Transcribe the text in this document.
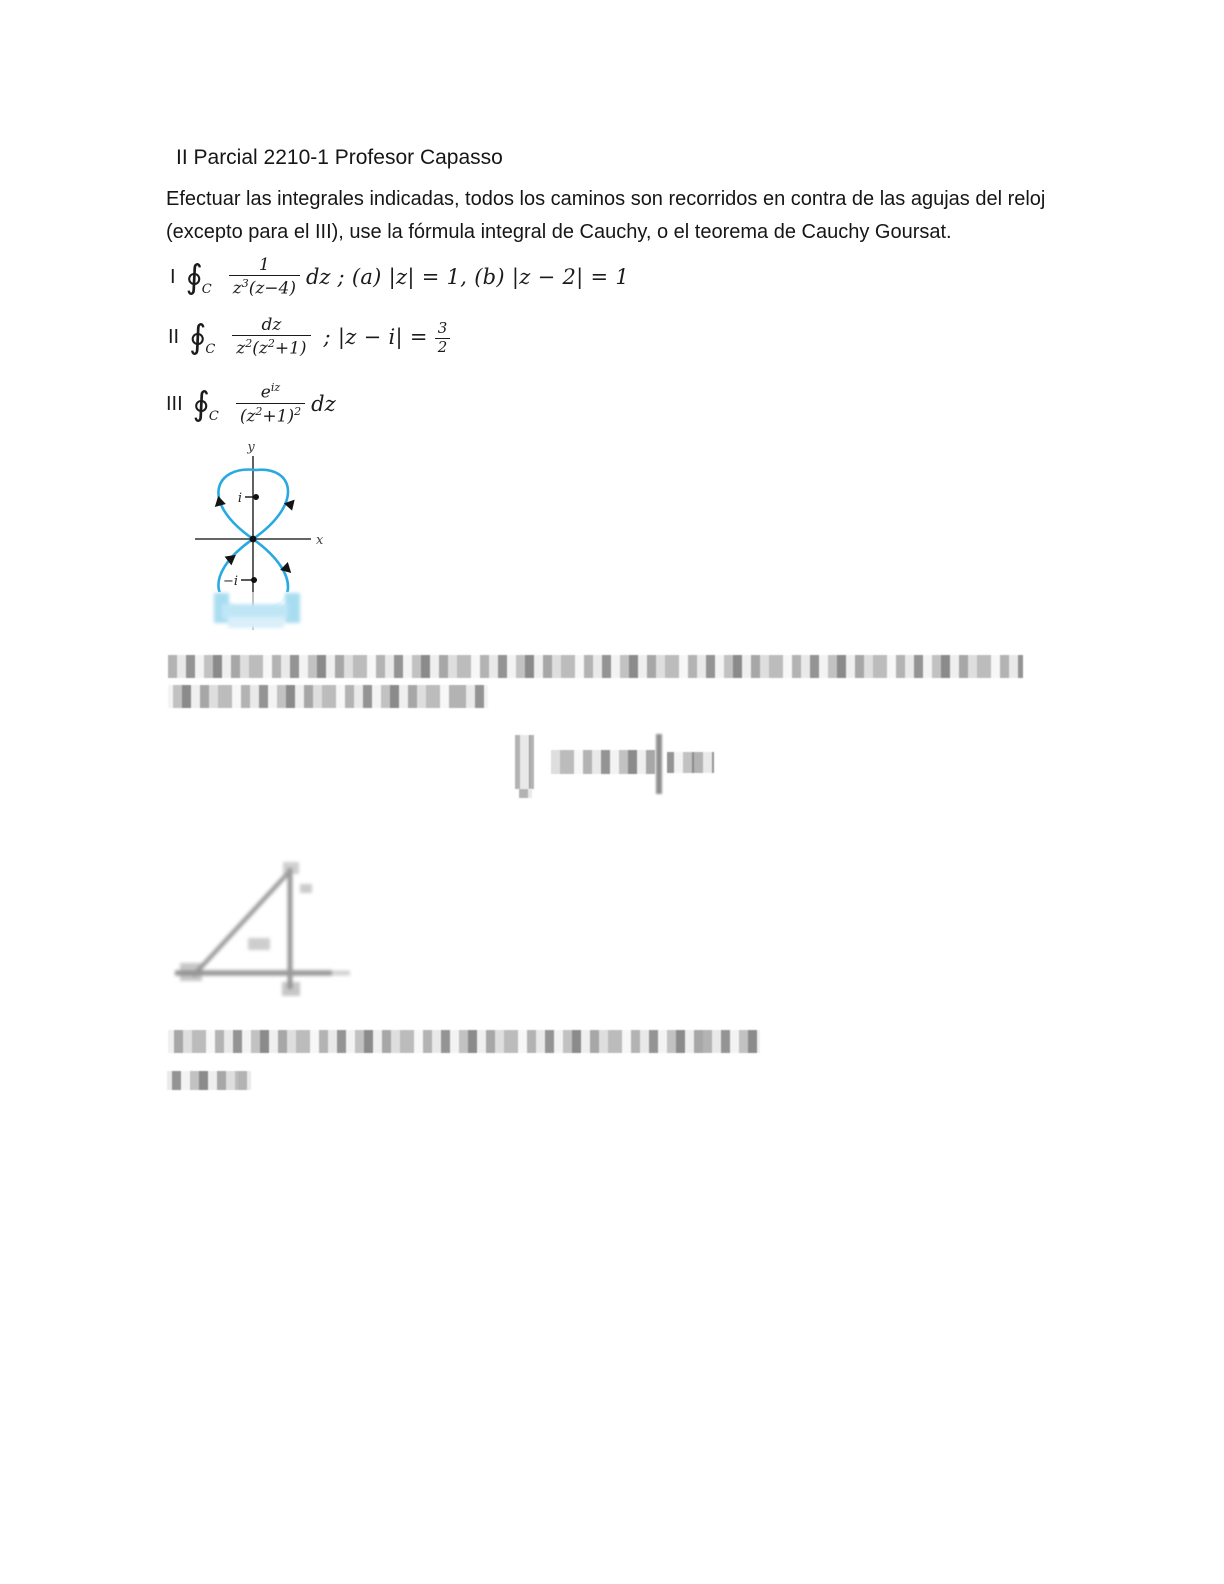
II Parcial 2210-1 Profesor Capasso
Efectuar las integrales indicadas, todos los caminos son recorridos en contra de las agujas del reloj
(excepto para el III), use la fórmula integral de Cauchy, o el teorema de Cauchy Goursat.
I ∮ C $\frac{1}{z^3(z-4)}$ dz ; (a) |z| = 1, (b) |z − 2| = 1
II ∮ C $\frac{dz}{z^2(z^2+1)}$ ; $|z - i| = \frac{3}{2}$
III ∮ C $\frac{e^{iz}}{(z^2+1)^2}$ dz
y
x
i
−i
